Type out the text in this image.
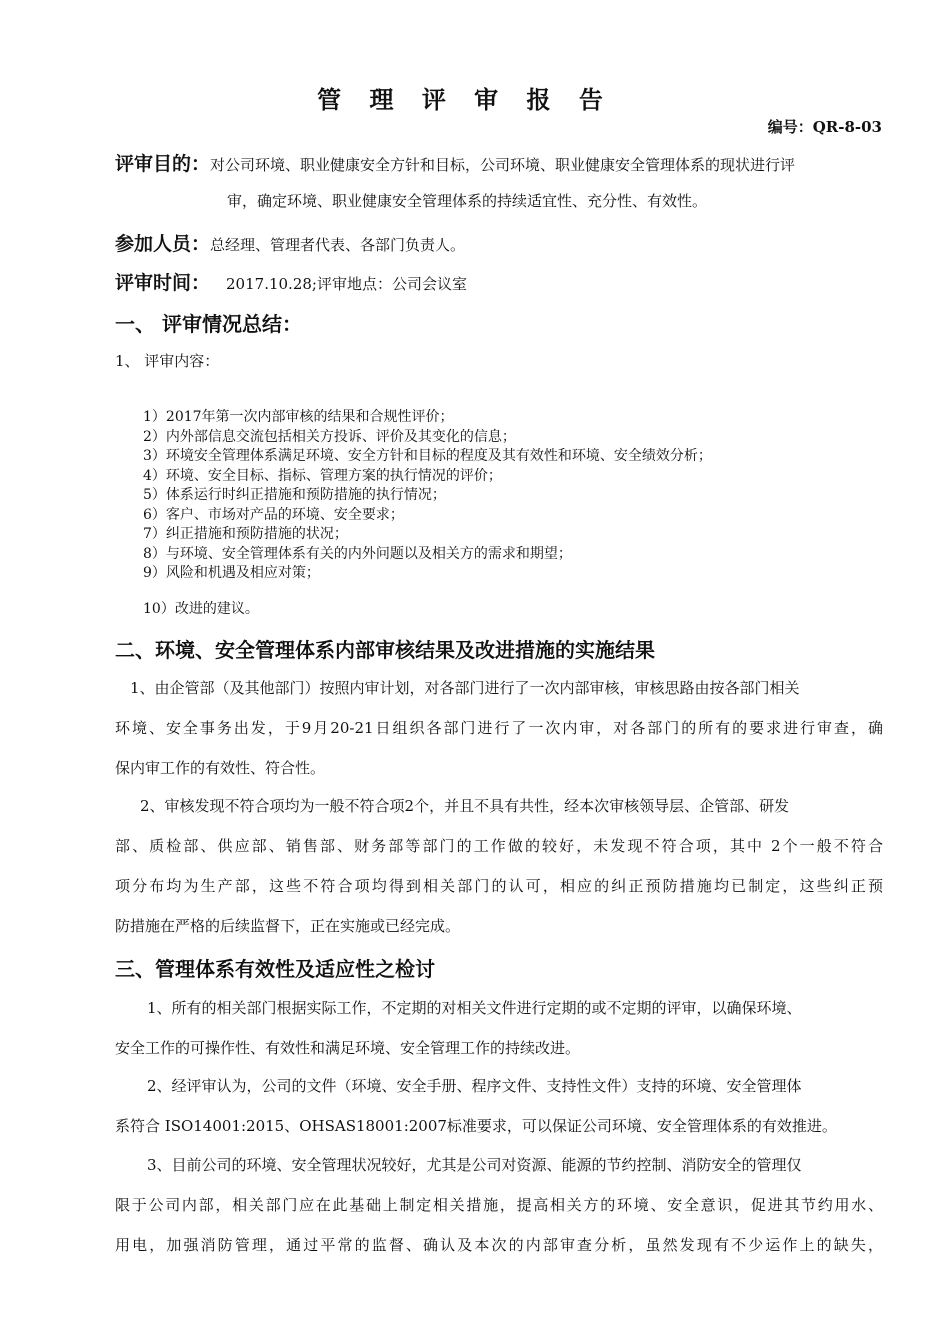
管 理 评 审 报 告
编号：QR-8-03
评审目的：对公司环境、职业健康安全方针和目标，公司环境、职业健康安全管理体系的现状进行评
审，确定环境、职业健康安全管理体系的持续适宜性、充分性、有效性。
参加人员：总经理、管理者代表、各部门负责人。
评审时间： 2017.10.28;评审地点：公司会议室
一、 评审情况总结：
1、 评审内容：
1）2017年第一次内部审核的结果和合规性评价；
2）内外部信息交流包括相关方投诉、评价及其变化的信息；
3）环境安全管理体系满足环境、安全方针和目标的程度及其有效性和环境、安全绩效分析；
4）环境、安全目标、指标、管理方案的执行情况的评价；
5）体系运行时纠正措施和预防措施的执行情况；
6）客户、市场对产品的环境、安全要求；
7）纠正措施和预防措施的状况；
8）与环境、安全管理体系有关的内外问题以及相关方的需求和期望；
9）风险和机遇及相应对策；
10）改进的建议。
二、环境、安全管理体系内部审核结果及改进措施的实施结果
1、由企管部（及其他部门）按照内审计划，对各部门进行了一次内部审核，审核思路由按各部门相关
环境、安全事务出发，于9月20-21日组织各部门进行了一次内审，对各部门的所有的要求进行审查，确
保内审工作的有效性、符合性。
2、审核发现不符合项均为一般不符合项2个，并且不具有共性，经本次审核领导层、企管部、研发
部、质检部、供应部、销售部、财务部等部门的工作做的较好，未发现不符合项，其中 2个一般不符合
项分布均为生产部，这些不符合项均得到相关部门的认可，相应的纠正预防措施均已制定，这些纠正预
防措施在严格的后续监督下，正在实施或已经完成。
三、管理体系有效性及适应性之检讨
1、所有的相关部门根据实际工作，不定期的对相关文件进行定期的或不定期的评审，以确保环境、
安全工作的可操作性、有效性和满足环境、安全管理工作的持续改进。
2、经评审认为，公司的文件（环境、安全手册、程序文件、支持性文件）支持的环境、安全管理体
系符合 ISO14001:2015、OHSAS18001:2007标准要求，可以保证公司环境、安全管理体系的有效推进。
3、目前公司的环境、安全管理状况较好，尤其是公司对资源、能源的节约控制、消防安全的管理仅
限于公司内部，相关部门应在此基础上制定相关措施，提高相关方的环境、安全意识，促进其节约用水、
用电，加强消防管理，通过平常的监督、确认及本次的内部审查分析，虽然发现有不少运作上的缺失，
